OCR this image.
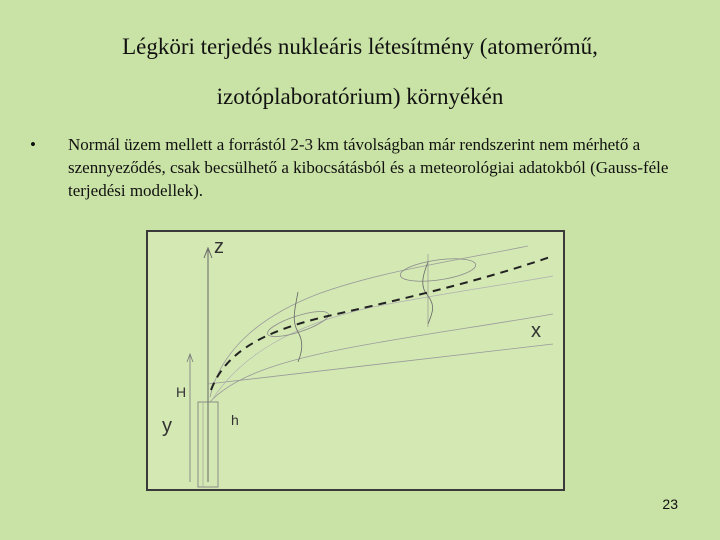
Légköri terjedés nukleáris létesítmény (atomerőmű,
izotóplaboratórium) környékén
•	Normál üzem mellett a forrástól 2-3 km távolságban már rendszerint nem mérhető a szennyeződés, csak becsülhető a kibocsátásból és a meteorológiai adatokból (Gauss-féle terjedési modellek).
z
x
y
H
h
23
